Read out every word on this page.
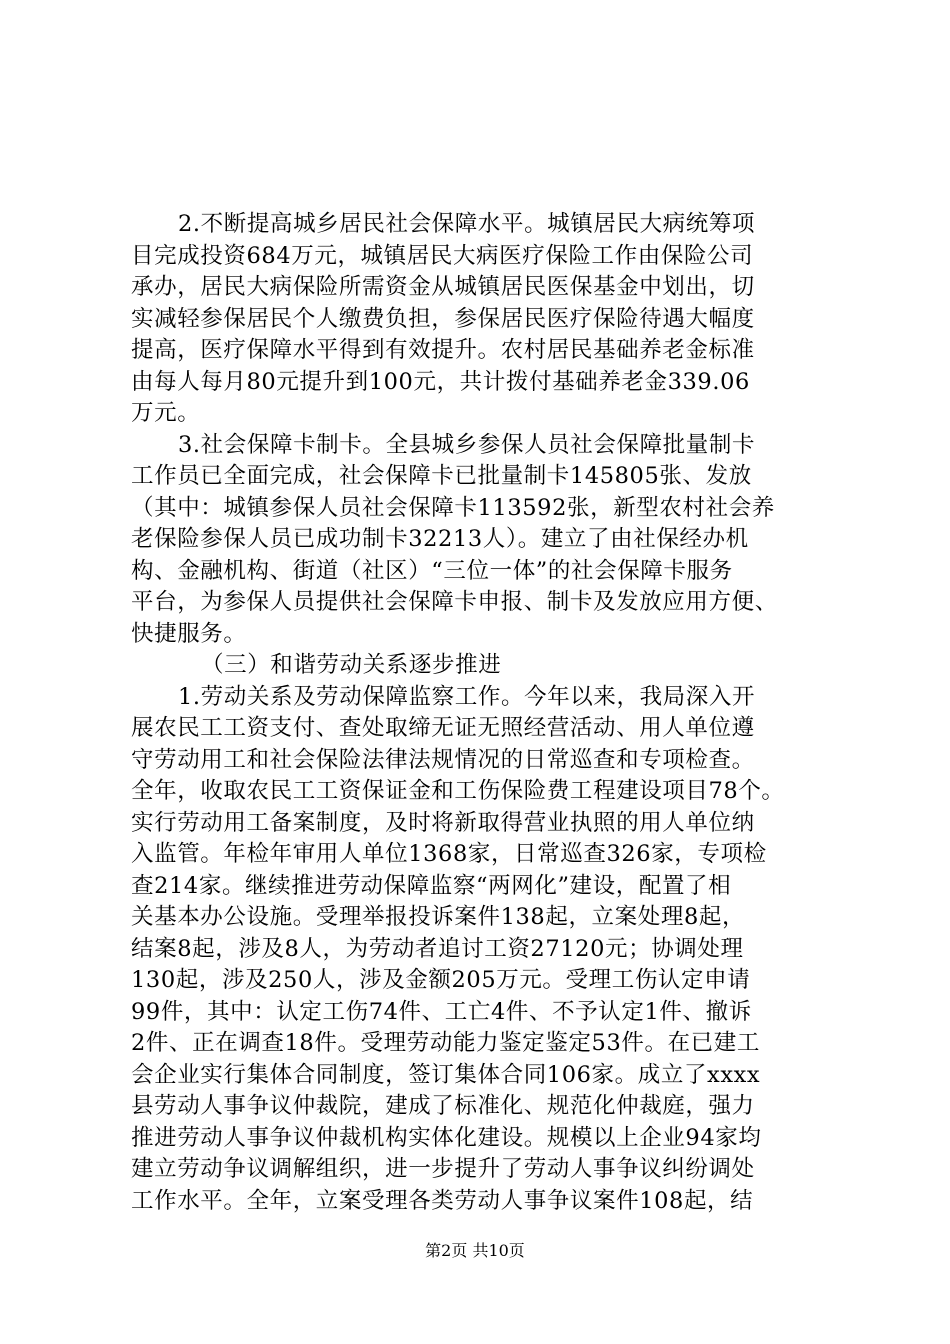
2.不断提高城乡居民社会保障水平。城镇居民大病统筹项
目完成投资684万元，城镇居民大病医疗保险工作由保险公司
承办，居民大病保险所需资金从城镇居民医保基金中划出，切
实减轻参保居民个人缴费负担，参保居民医疗保险待遇大幅度
提高，医疗保障水平得到有效提升。农村居民基础养老金标准
由每人每月80元提升到100元，共计拨付基础养老金339.06
万元。
3.社会保障卡制卡。全县城乡参保人员社会保障批量制卡
工作员已全面完成，社会保障卡已批量制卡145805张、发放
（其中：城镇参保人员社会保障卡113592张，新型农村社会养
老保险参保人员已成功制卡32213人）。建立了由社保经办机
构、金融机构、街道（社区）“三位一体”的社会保障卡服务
平台，为参保人员提供社会保障卡申报、制卡及发放应用方便、
快捷服务。
（三）和谐劳动关系逐步推进
1.劳动关系及劳动保障监察工作。今年以来，我局深入开
展农民工工资支付、查处取缔无证无照经营活动、用人单位遵
守劳动用工和社会保险法律法规情况的日常巡查和专项检查。
全年，收取农民工工资保证金和工伤保险费工程建设项目78个。
实行劳动用工备案制度，及时将新取得营业执照的用人单位纳
入监管。年检年审用人单位1368家，日常巡查326家，专项检
查214家。继续推进劳动保障监察“两网化”建设，配置了相
关基本办公设施。受理举报投诉案件138起，立案处理8起，
结案8起，涉及8人，为劳动者追讨工资27120元；协调处理
130起，涉及250人，涉及金额205万元。受理工伤认定申请
99件，其中：认定工伤74件、工亡4件、不予认定1件、撤诉
2件、正在调查18件。受理劳动能力鉴定鉴定53件。在已建工
会企业实行集体合同制度，签订集体合同106家。成立了xxxx
县劳动人事争议仲裁院，建成了标准化、规范化仲裁庭，强力
推进劳动人事争议仲裁机构实体化建设。规模以上企业94家均
建立劳动争议调解组织，进一步提升了劳动人事争议纠纷调处
工作水平。全年，立案受理各类劳动人事争议案件108起，结
第2页 共10页
